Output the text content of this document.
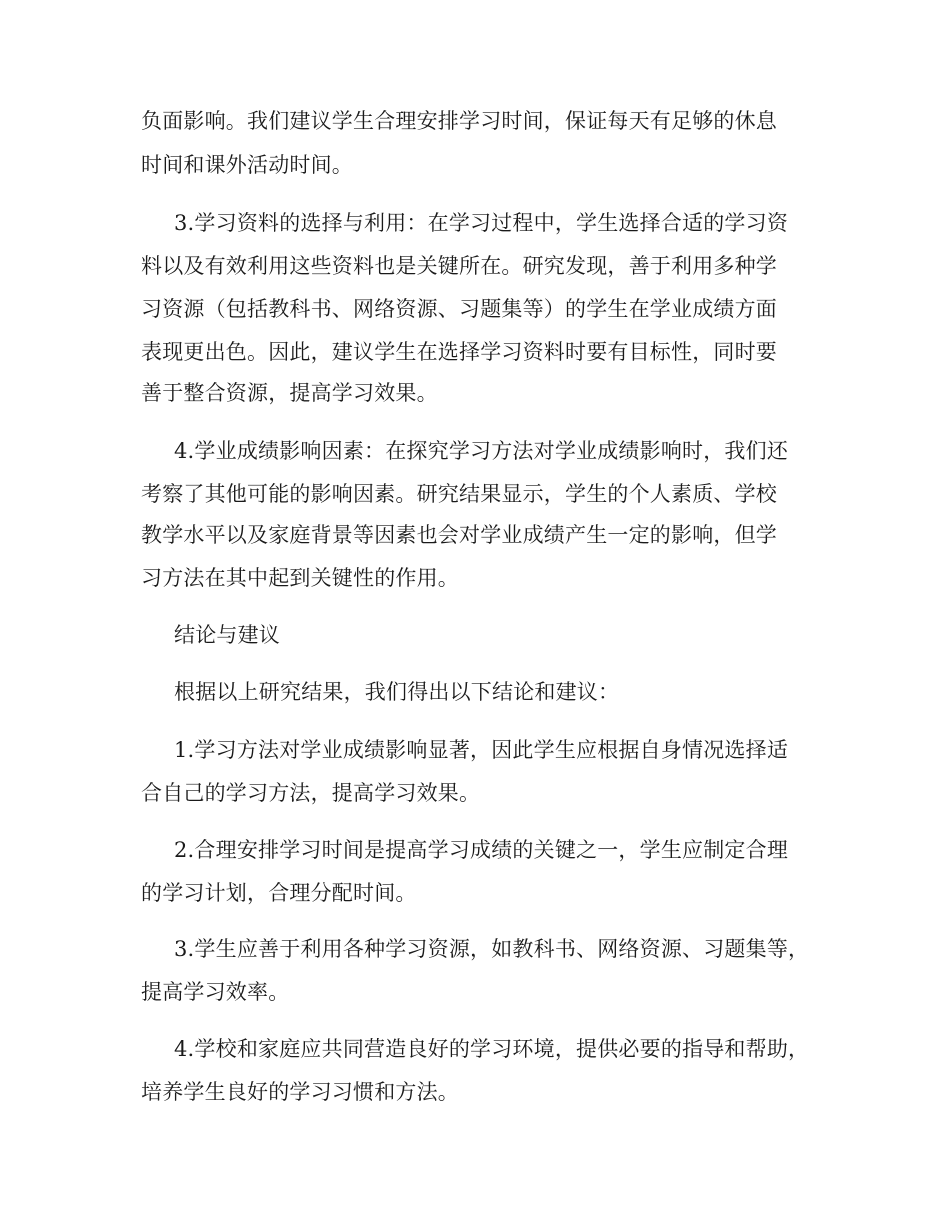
负面影响。我们建议学生合理安排学习时间，保证每天有足够的休息

时间和课外活动时间。

3.学习资料的选择与利用：在学习过程中，学生选择合适的学习资

料以及有效利用这些资料也是关键所在。研究发现，善于利用多种学

习资源（包括教科书、网络资源、习题集等）的学生在学业成绩方面

表现更出色。因此，建议学生在选择学习资料时要有目标性，同时要

善于整合资源，提高学习效果。

4.学业成绩影响因素：在探究学习方法对学业成绩影响时，我们还

考察了其他可能的影响因素。研究结果显示，学生的个人素质、学校

教学水平以及家庭背景等因素也会对学业成绩产生一定的影响，但学

习方法在其中起到关键性的作用。

结论与建议

根据以上研究结果，我们得出以下结论和建议：

1.学习方法对学业成绩影响显著，因此学生应根据自身情况选择适

合自己的学习方法，提高学习效果。

2.合理安排学习时间是提高学习成绩的关键之一，学生应制定合理

的学习计划，合理分配时间。

3.学生应善于利用各种学习资源，如教科书、网络资源、习题集等，

提高学习效率。

4.学校和家庭应共同营造良好的学习环境，提供必要的指导和帮助，

培养学生良好的学习习惯和方法。
